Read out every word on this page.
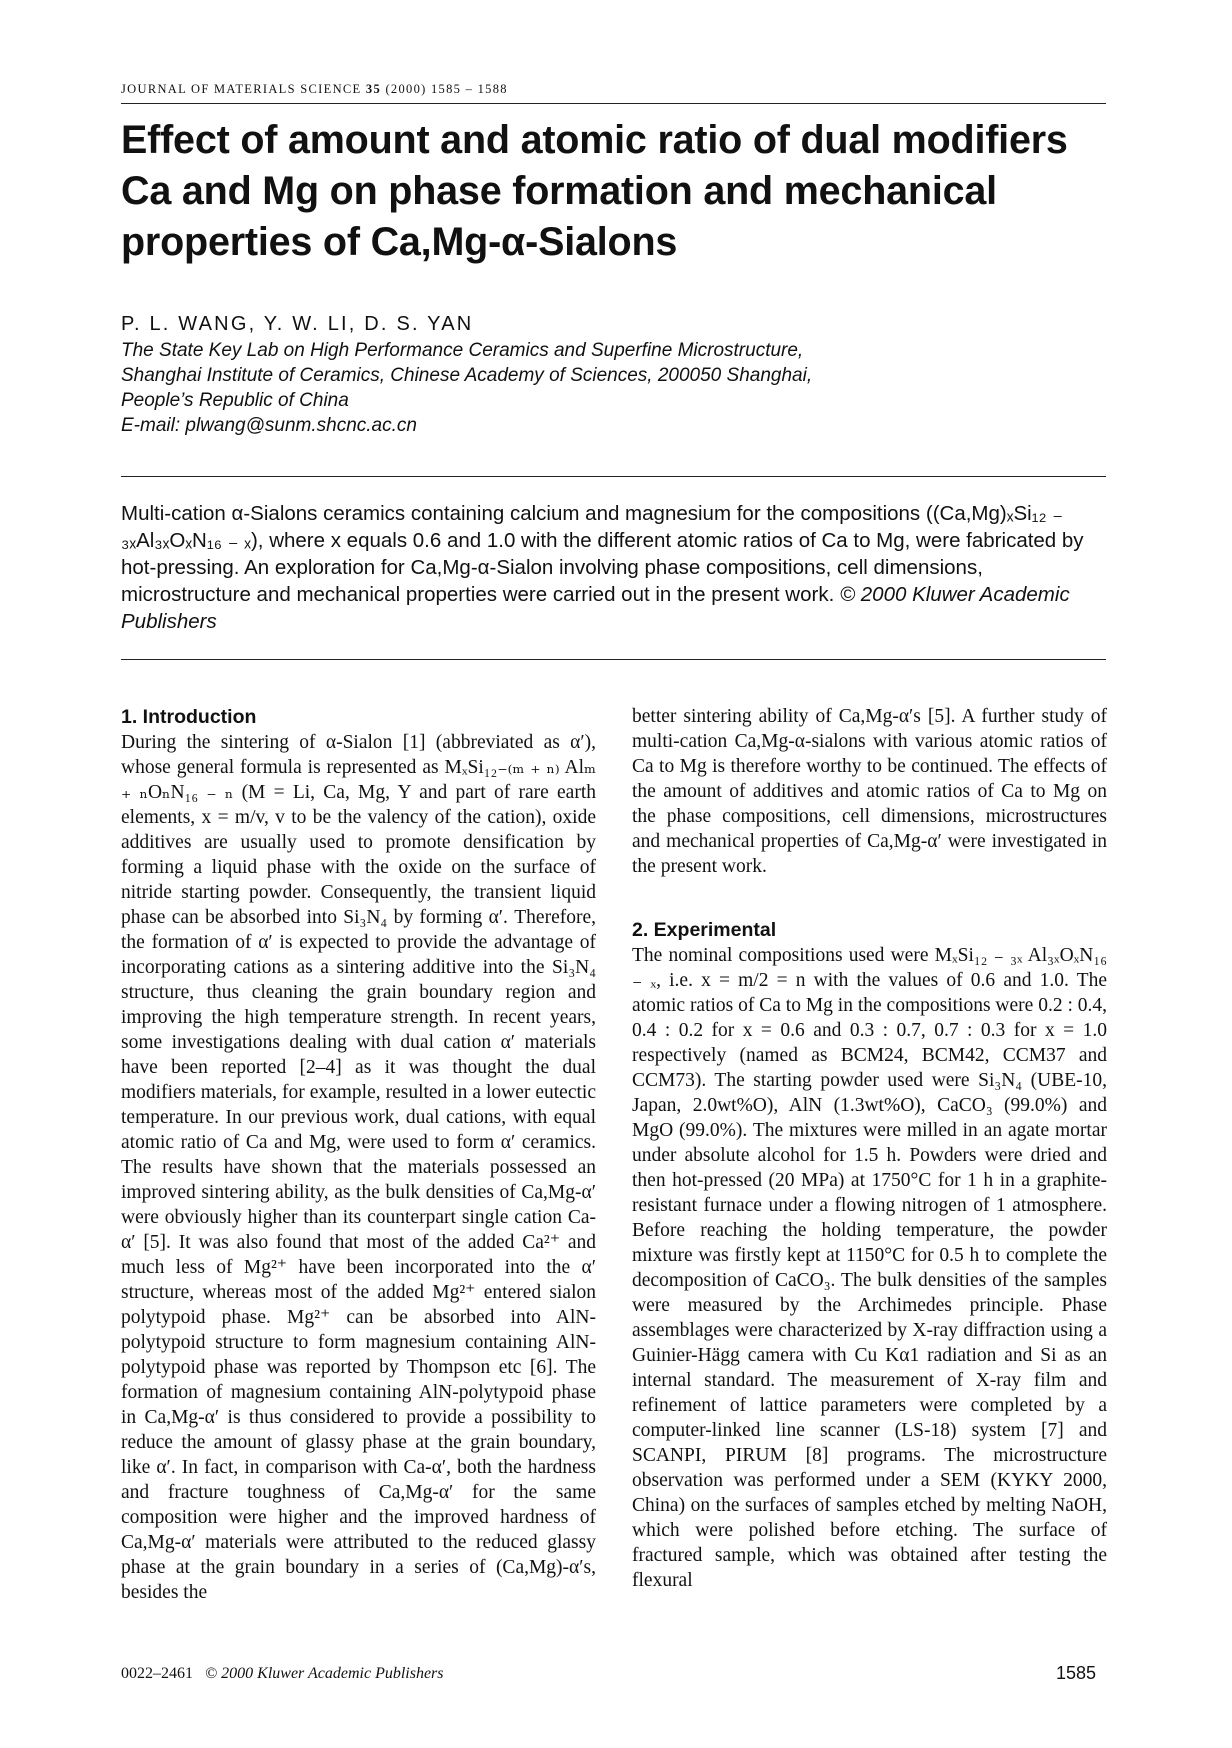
JOURNAL OF MATERIALS SCIENCE 35 (2000) 1585 – 1588
Effect of amount and atomic ratio of dual modifiers Ca and Mg on phase formation and mechanical properties of Ca,Mg-α-Sialons
P. L. WANG, Y. W. LI, D. S. YAN
The State Key Lab on High Performance Ceramics and Superfine Microstructure,
Shanghai Institute of Ceramics, Chinese Academy of Sciences, 200050 Shanghai,
People’s Republic of China
E-mail: plwang@sunm.shcnc.ac.cn
Multi-cation α-Sialons ceramics containing calcium and magnesium for the compositions ((Ca,Mg)ₓSi₁₂ ₋ ₃ₓAl₃ₓOₓN₁₆ ₋ ₓ), where x equals 0.6 and 1.0 with the different atomic ratios of Ca to Mg, were fabricated by hot-pressing. An exploration for Ca,Mg-α-Sialon involving phase compositions, cell dimensions, microstructure and mechanical properties were carried out in the present work. © 2000 Kluwer Academic Publishers
1. Introduction

During the sintering of α-Sialon [1] (abbreviated as α′), whose general formula is represented as MₓSi₁₂₋₍ₘ ₊ ₙ₎ Alₘ ₊ ₙOₙN₁₆ ₋ ₙ (M = Li, Ca, Mg, Y and part of rare earth elements, x = m/v, v to be the valency of the cation), oxide additives are usually used to promote densification by forming a liquid phase with the oxide on the surface of nitride starting powder. Consequently, the transient liquid phase can be absorbed into Si₃N₄ by forming α′. Therefore, the formation of α′ is expected to provide the advantage of incorporating cations as a sintering additive into the Si₃N₄ structure, thus cleaning the grain boundary region and improving the high temperature strength. In recent years, some investigations dealing with dual cation α′ materials have been reported [2–4] as it was thought the dual modifiers materials, for example, resulted in a lower eutectic temperature. In our previous work, dual cations, with equal atomic ratio of Ca and Mg, were used to form α′ ceramics. The results have shown that the materials possessed an improved sintering ability, as the bulk densities of Ca,Mg-α′ were obviously higher than its counterpart single cation Ca-α′ [5]. It was also found that most of the added Ca²⁺ and much less of Mg²⁺ have been incorporated into the α′ structure, whereas most of the added Mg²⁺ entered sialon polytypoid phase. Mg²⁺ can be absorbed into AlN-polytypoid structure to form magnesium containing AlN-polytypoid phase was reported by Thompson etc [6]. The formation of magnesium containing AlN-polytypoid phase in Ca,Mg-α′ is thus considered to provide a possibility to reduce the amount of glassy phase at the grain boundary, like α′. In fact, in comparison with Ca-α′, both the hardness and fracture toughness of Ca,Mg-α′ for the same composition were higher and the improved hardness of Ca,Mg-α′ materials were attributed to the reduced glassy phase at the grain boundary in a series of (Ca,Mg)-α′s, besides the

better sintering ability of Ca,Mg-α′s [5]. A further study of multi-cation Ca,Mg-α-sialons with various atomic ratios of Ca to Mg is therefore worthy to be continued. The effects of the amount of additives and atomic ratios of Ca to Mg on the phase compositions, cell dimensions, microstructures and mechanical properties of Ca,Mg-α′ were investigated in the present work.

2. Experimental

The nominal compositions used were MₓSi₁₂ ₋ ₃ₓ Al₃ₓOₓN₁₆ ₋ ₓ, i.e. x = m/2 = n with the values of 0.6 and 1.0. The atomic ratios of Ca to Mg in the compositions were 0.2 : 0.4, 0.4 : 0.2 for x = 0.6 and 0.3 : 0.7, 0.7 : 0.3 for x = 1.0 respectively (named as BCM24, BCM42, CCM37 and CCM73). The starting powder used were Si₃N₄ (UBE-10, Japan, 2.0wt%O), AlN (1.3wt%O), CaCO₃ (99.0%) and MgO (99.0%). The mixtures were milled in an agate mortar under absolute alcohol for 1.5 h. Powders were dried and then hot-pressed (20 MPa) at 1750°C for 1 h in a graphite-resistant furnace under a flowing nitrogen of 1 atmosphere. Before reaching the holding temperature, the powder mixture was firstly kept at 1150°C for 0.5 h to complete the decomposition of CaCO₃. The bulk densities of the samples were measured by the Archimedes principle. Phase assemblages were characterized by X-ray diffraction using a Guinier-Hägg camera with Cu Kα1 radiation and Si as an internal standard. The measurement of X-ray film and refinement of lattice parameters were completed by a computer-linked line scanner (LS-18) system [7] and SCANPI, PIRUM [8] programs. The microstructure observation was performed under a SEM (KYKY 2000, China) on the surfaces of samples etched by melting NaOH, which were polished before etching. The surface of fractured sample, which was obtained after testing the flexural

0022–2461 © 2000 Kluwer Academic Publishers	1585
